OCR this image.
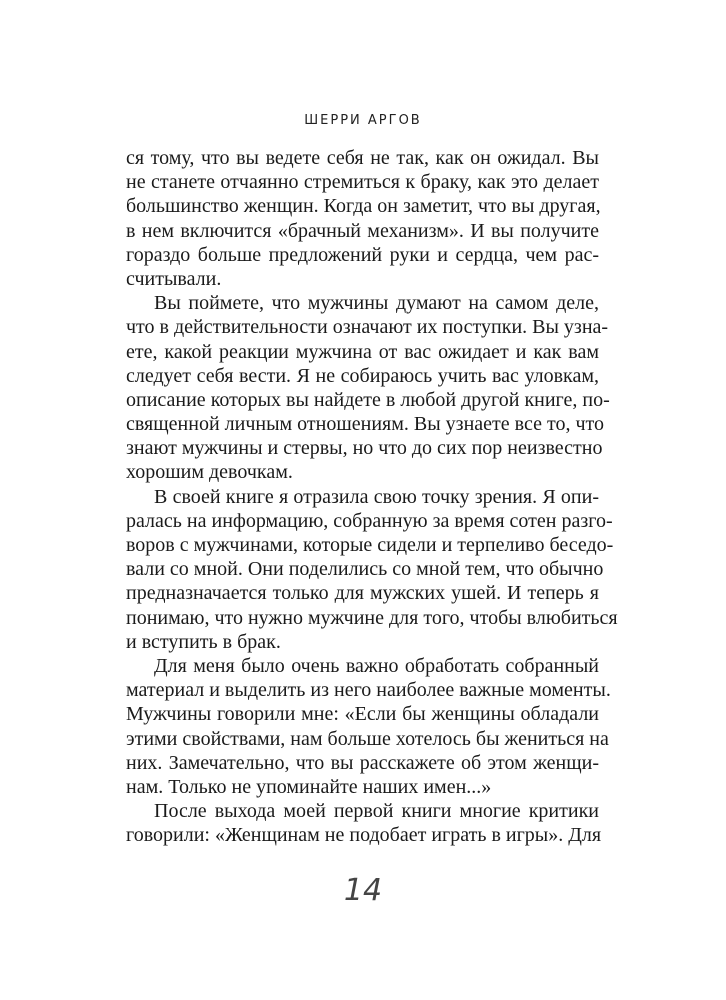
ШЕРРИ АРГОВ
ся тому, что вы ведете себя не так, как он ожидал. Вы
не станете отчаянно стремиться к браку, как это делает
большинство женщин. Когда он заметит, что вы другая,
в нем включится «брачный механизм». И вы получите
гораздо больше предложений руки и сердца, чем рас-
считывали.
Вы поймете, что мужчины думают на самом деле,
что в действительности означают их поступки. Вы узна-
ете, какой реакции мужчина от вас ожидает и как вам
следует себя вести. Я не собираюсь учить вас уловкам,
описание которых вы найдете в любой другой книге, по-
священной личным отношениям. Вы узнаете все то, что
знают мужчины и стервы, но что до сих пор неизвестно
хорошим девочкам.
В своей книге я отразила свою точку зрения. Я опи-
ралась на информацию, собранную за время сотен разго-
воров с мужчинами, которые сидели и терпеливо беседо-
вали со мной. Они поделились со мной тем, что обычно
предназначается только для мужских ушей. И теперь я
понимаю, что нужно мужчине для того, чтобы влюбиться
и вступить в брак.
Для меня было очень важно обработать собранный
материал и выделить из него наиболее важные моменты.
Мужчины говорили мне: «Если бы женщины обладали
этими свойствами, нам больше хотелось бы жениться на
них. Замечательно, что вы расскажете об этом женщи-
нам. Только не упоминайте наших имен...»
После выхода моей первой книги многие критики
говорили: «Женщинам не подобает играть в игры». Для
14
